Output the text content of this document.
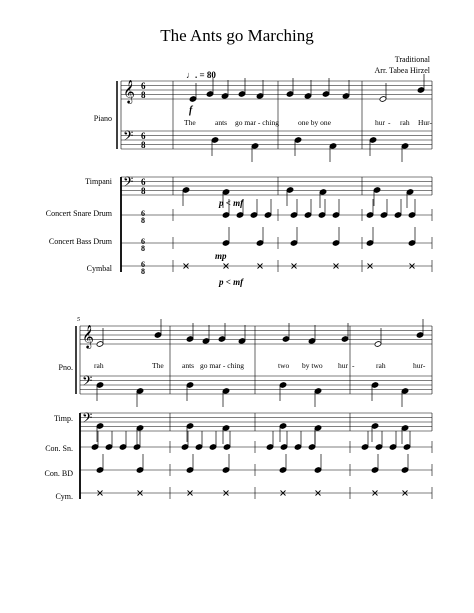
The Ants go Marching
Traditional
Arr. Tabea Hirzel
♩. = 80
Piano
Timpani
Concert Snare Drum
Concert Bass Drum
Cymbal
The	ants go mar - ching	one by one	hur - rah Hur-
5
Pno.
Timp.
Con. Sn.
Con. BD
Cym.
rah	The ants go mar - ching	two by two hur -	rah	hur-
𝄞
𝄢
𝄢
𝄞
𝄢
𝄢
6
8
6
8
6
8
6
8
6
8
6
8
f
p < mf
mp
p < mf
